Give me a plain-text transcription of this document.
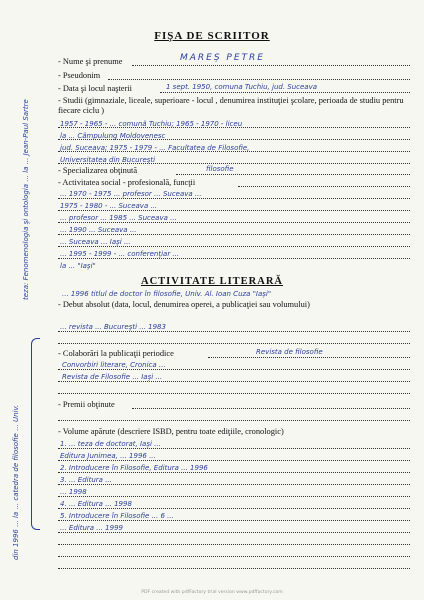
FIŞA DE SCRIITOR
- Nume şi prenume	MAREȘ PETRE
- Pseudonim
- Data şi locul naşterii	1 sept. 1950, comuna Tuchiu, jud. Suceava
- Studii (gimnaziale, liceale, superioare - locul , denumirea instituţiei şcolare, perioada de studiu pentru fiecare ciclu )
1957 - 1965 - ... comună Tuchiu; 1965 - 1970 - liceu
la ... Câmpulung Moldovenesc
jud. Suceava; 1975 - 1979 - ... Facultatea de Filosofie,
Universitatea din Bucureşti
- Specializarea obţinută	filosofie
- Activitatea social - profesională, funcţii
... 1970 - 1975 ... profesor ... Suceava ...
1975 - 1980 - ... Suceava ...
... profesor ... 1985 ... Suceava ...
... 1990 ... Suceava ...
... Suceava ... Iaşi ...
... 1995 - 1999 - ... conferenţiar ...
la ... "Iaşi"
ACTIVITATE LITERARĂ
... 1996 titlul de doctor în filosofie, Univ. Al. Ioan Cuza "Iaşi"
- Debut absolut (data, locul, denumirea operei, a publicaţiei sau volumului)
... revista ... Bucureşti ... 1983
- Colaborări la publicaţii periodice	Revista de filosofie
Convorbiri literare, Cronica ...
Revista de Filosofie ... Iaşi ...
- Premii obţinute
- Volume apărute (descriere ISBD, pentru toate ediţiile, cronologic)
1. ... teza de doctorat, Iaşi ...
Editura Junimea, ... 1996 ...
2. Introducere în Filosofie, Editura ... 1996
3. ... Editura ...
... 1998
4. ... Editura ... 1998
5. Introducere în Filosofie ... 6 ...
... Editura ... 1999
teza: Fenomenologia şi ontologia ... la ... Jean-Paul Sartre
din 1996 ... la ... catedra de filosofie ... Univ.
PDF created with pdfFactory trial version www.pdffactory.com
